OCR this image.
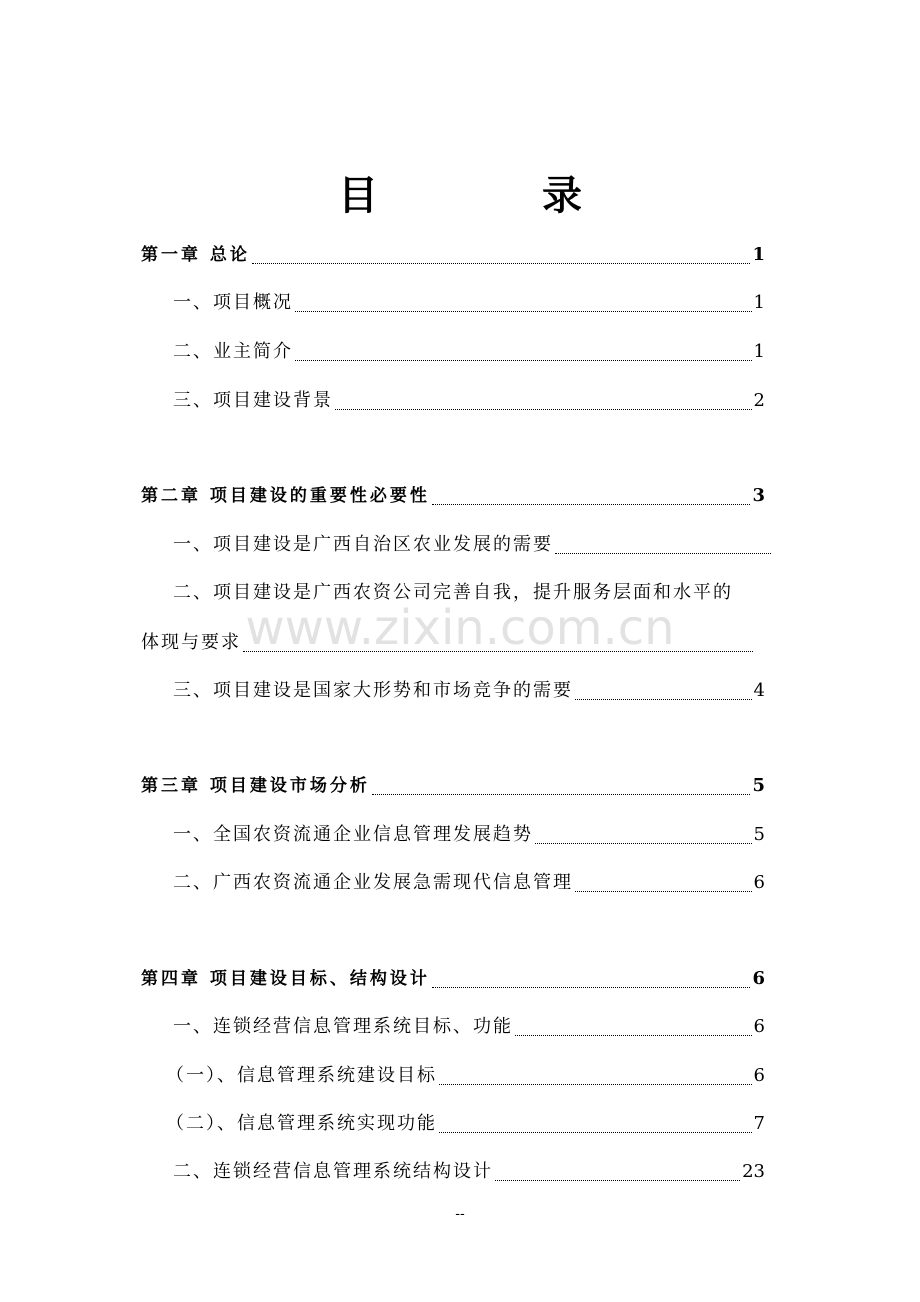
目　录
www.zixin.com.cn
第一章 总论	1
一、项目概况	1
二、业主简介	1
三、项目建设背景	2
第二章 项目建设的重要性必要性	3
一、项目建设是广西自治区农业发展的需要
二、项目建设是广西农资公司完善自我，提升服务层面和水平的
体现与要求
三、项目建设是国家大形势和市场竞争的需要	4
第三章 项目建设市场分析	5
一、全国农资流通企业信息管理发展趋势	5
二、广西农资流通企业发展急需现代信息管理	6
第四章 项目建设目标、结构设计	6
一、连锁经营信息管理系统目标、功能	6
（一）、信息管理系统建设目标	6
（二）、信息管理系统实现功能	7
二、连锁经营信息管理系统结构设计	23
--
